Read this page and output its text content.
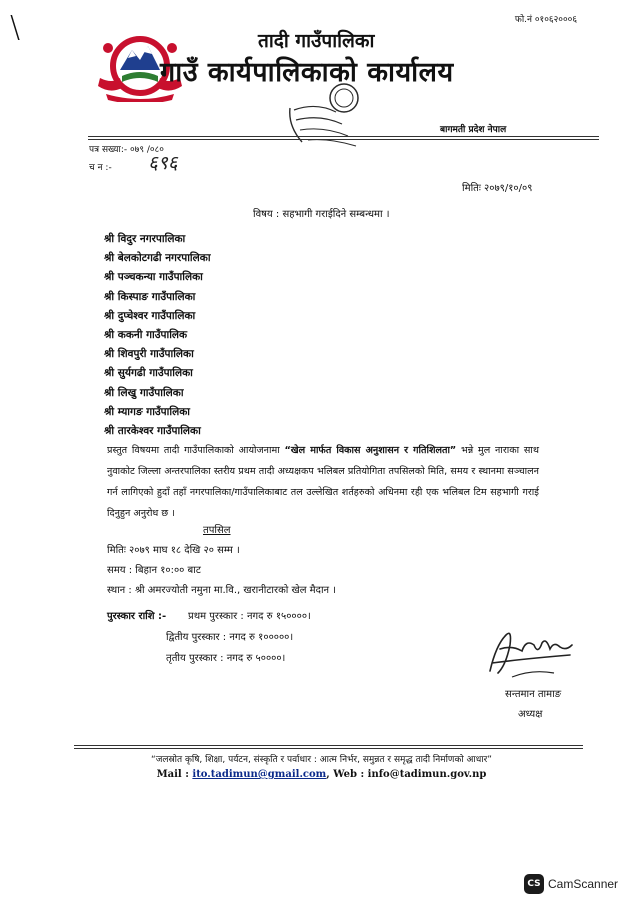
\	फो.नं ०१०६२०००६
तादी गाउँपालिका
गाउँ कार्यपालिकाको कार्यालय
बागमती प्रदेश नेपाल
पत्र सख्या:- ०७९ /०८०
च न :- ६९६
मितिः २०७९/१०/०९
विषय : सहभागी गराईदिने सम्बन्धमा ।
श्री विदुर नगरपालिका
श्री बेलकोटगढी नगरपालिका
श्री पञ्चकन्या गाउँपालिका
श्री किस्पाङ गाउँपालिका
श्री दुप्चेश्वर गाउँपालिका
श्री ककनी गाउँपालिक
श्री शिवपुरी गाउँपालिका
श्री सुर्यगढी गाउँपालिका
श्री लिखु गाउँपालिका
श्री म्यागङ गाउँपालिका
श्री तारकेश्वर गाउँपालिका
प्रस्तुत विषयमा तादी गाउँपालिकाको आयोजनामा “खेल मार्फत विकास अनुशासन र गतिशिलता” भन्ने मुल नाराका साथ नुवाकोट जिल्ला अन्तरपालिका स्तरीय प्रथम तादी अध्यक्षकप भलिबल प्रतियोगिता तपसिलको मिति, समय र स्थानमा सञ्चालन गर्न लागिएको हुदाँ तहाँ नगरपालिका/गाउँपालिकाबाट तल उल्लेखित शर्तहरुको अधिनमा रही एक भलिबल टिम सहभागी गराई दिनुहुन अनुरोध छ ।
तपसिल
मितिः २०७९ माघ १८ देखि २० सम्म ।
समय : बिहान १०:०० बाट
स्थान : श्री अमरज्योती नमुना मा.वि., खरानीटारको खेल मैदान ।
पुरस्कार राशि :- प्रथम पुरस्कार : नगद रु १५००००।
द्वितीय पुरस्कार : नगद रु १०००००।
तृतीय पुरस्कार : नगद रु ५००००।
सन्तमान तामाङ
अध्यक्ष
“जलस्रोत कृषि, शिक्षा, पर्यटन, संस्कृति र पर्वाधार : आत्म निर्भर, समुन्नत र समृद्ध तादी निर्माणको आधार”
Mail : ito.tadimun@gmail.com, Web : info@tadimun.gov.np
CS CamScanner
